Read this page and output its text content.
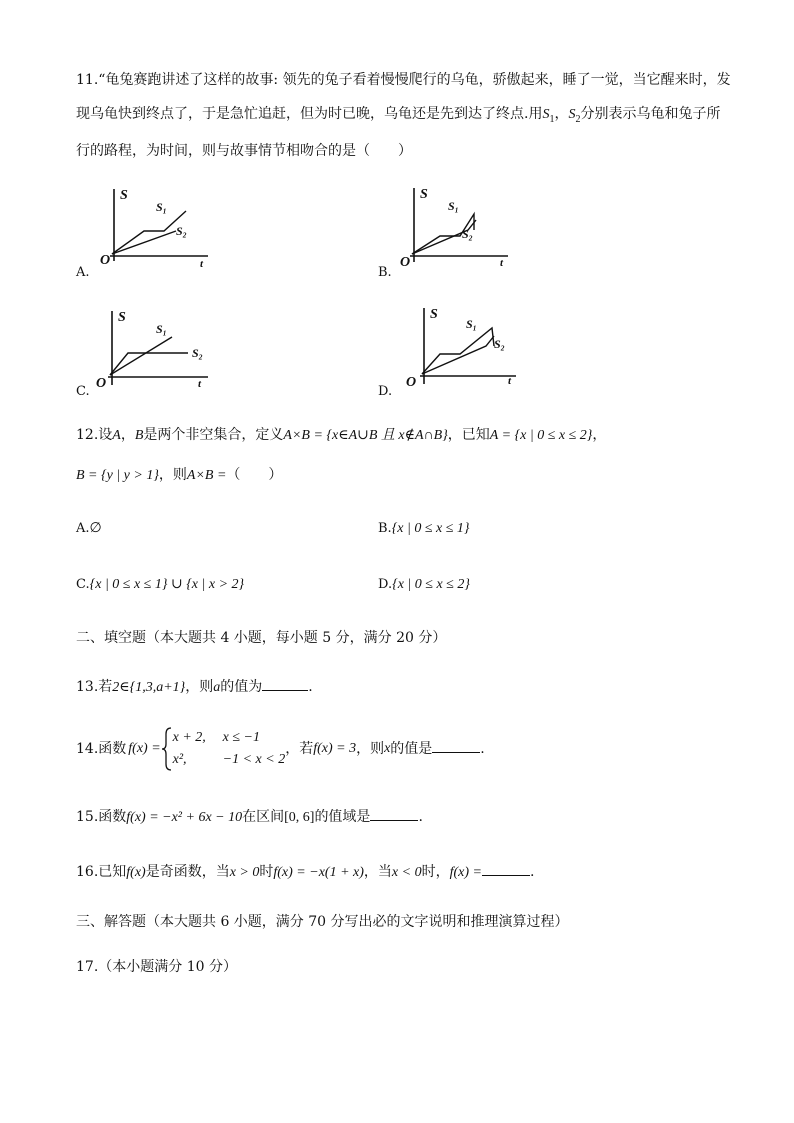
11.“龟兔赛跑讲述了这样的故事: 领先的兔子看着慢慢爬行的乌龟，骄傲起来，睡了一觉，当它醒来时，发
现乌龟快到终点了，于是急忙追赶，但为时已晚，乌龟还是先到达了终点.用$S_1$，$S_2$分别表示乌龟和兔子所
行的路程，为时间，则与故事情节相吻合的是（　　）
S
O	t
S₁
S₂
A.
S
O	t
S₁
S₂
B.
S
O	t
S₁
S₂
C.
S
O	t
S₁
S₂
D.
12.设A，B是两个非空集合，定义A×B = {x∈A∪B 且 x∉A∩B}，已知A = {x | 0 ≤ x ≤ 2}，
B = {y | y > 1}，则A×B =（　　）
A.∅	B.{x | 0 ≤ x ≤ 1}
C.{x | 0 ≤ x ≤ 1} ∪ {x | x > 2}	D.{x | 0 ≤ x ≤ 2}
二、填空题（本大题共 4 小题，每小题 5 分，满分 20 分）
13.若2∈{1,3,a+1}，则a的值为	.
14.函数 f(x) =
x + 2, x ≤ −1
x²,	−1 < x < 2
，若f(x) = 3，则x的值是	.
15.函数f(x) = −x² + 6x − 10在区间[0, 6]的值域是	.
16.已知f(x)是奇函数，当x > 0时f(x) = −x(1 + x)，当x < 0时，f(x) =	.
三、解答题（本大题共 6 小题，满分 70 分写出必的文字说明和推理演算过程）
17.（本小题满分 10 分）
